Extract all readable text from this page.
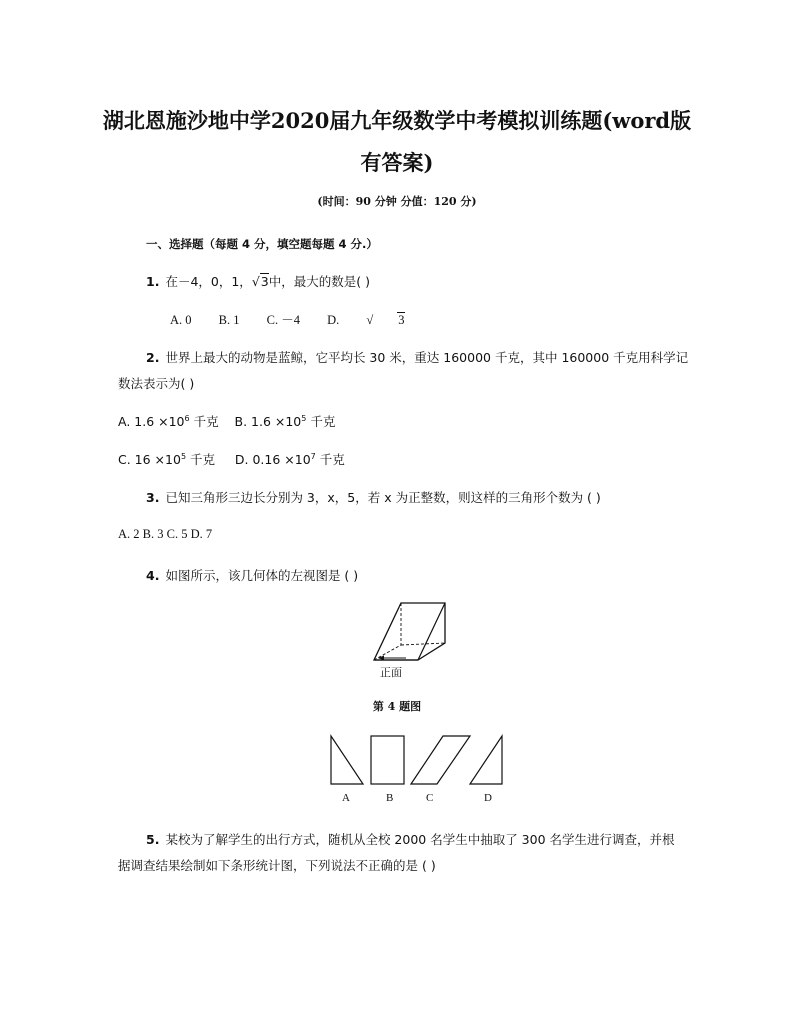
湖北恩施沙地中学2020届九年级数学中考模拟训练题(word版
有答案)
(时间：90 分钟 分值：120 分)
一、选择题（每题 4 分，填空题每题 4 分.）
1. 在－4，0，1，√3中，最大的数是( )
A. 0 B. 1 C. －4 D. √ 3
2. 世界上最大的动物是蓝鲸，它平均长 30 米，重达 160000 千克，其中 160000 千克用科学记
数法表示为( )
A. $1.6 \times 10^6$ 千克 B. $1.6 \times 10^5$ 千克
C. $16 \times 10^5$ 千克 D. $0.16 \times 10^7$ 千克
3. 已知三角形三边长分别为 3，x，5，若 x 为正整数，则这样的三角形个数为 ( )
A. 2 B. 3 C. 5 D. 7
4. 如图所示，该几何体的左视图是 ( )
正面
第 4 题图
A	B	C	D
5. 某校为了解学生的出行方式，随机从全校 2000 名学生中抽取了 300 名学生进行调查，并根
据调查结果绘制如下条形统计图，下列说法不正确的是 ( )
